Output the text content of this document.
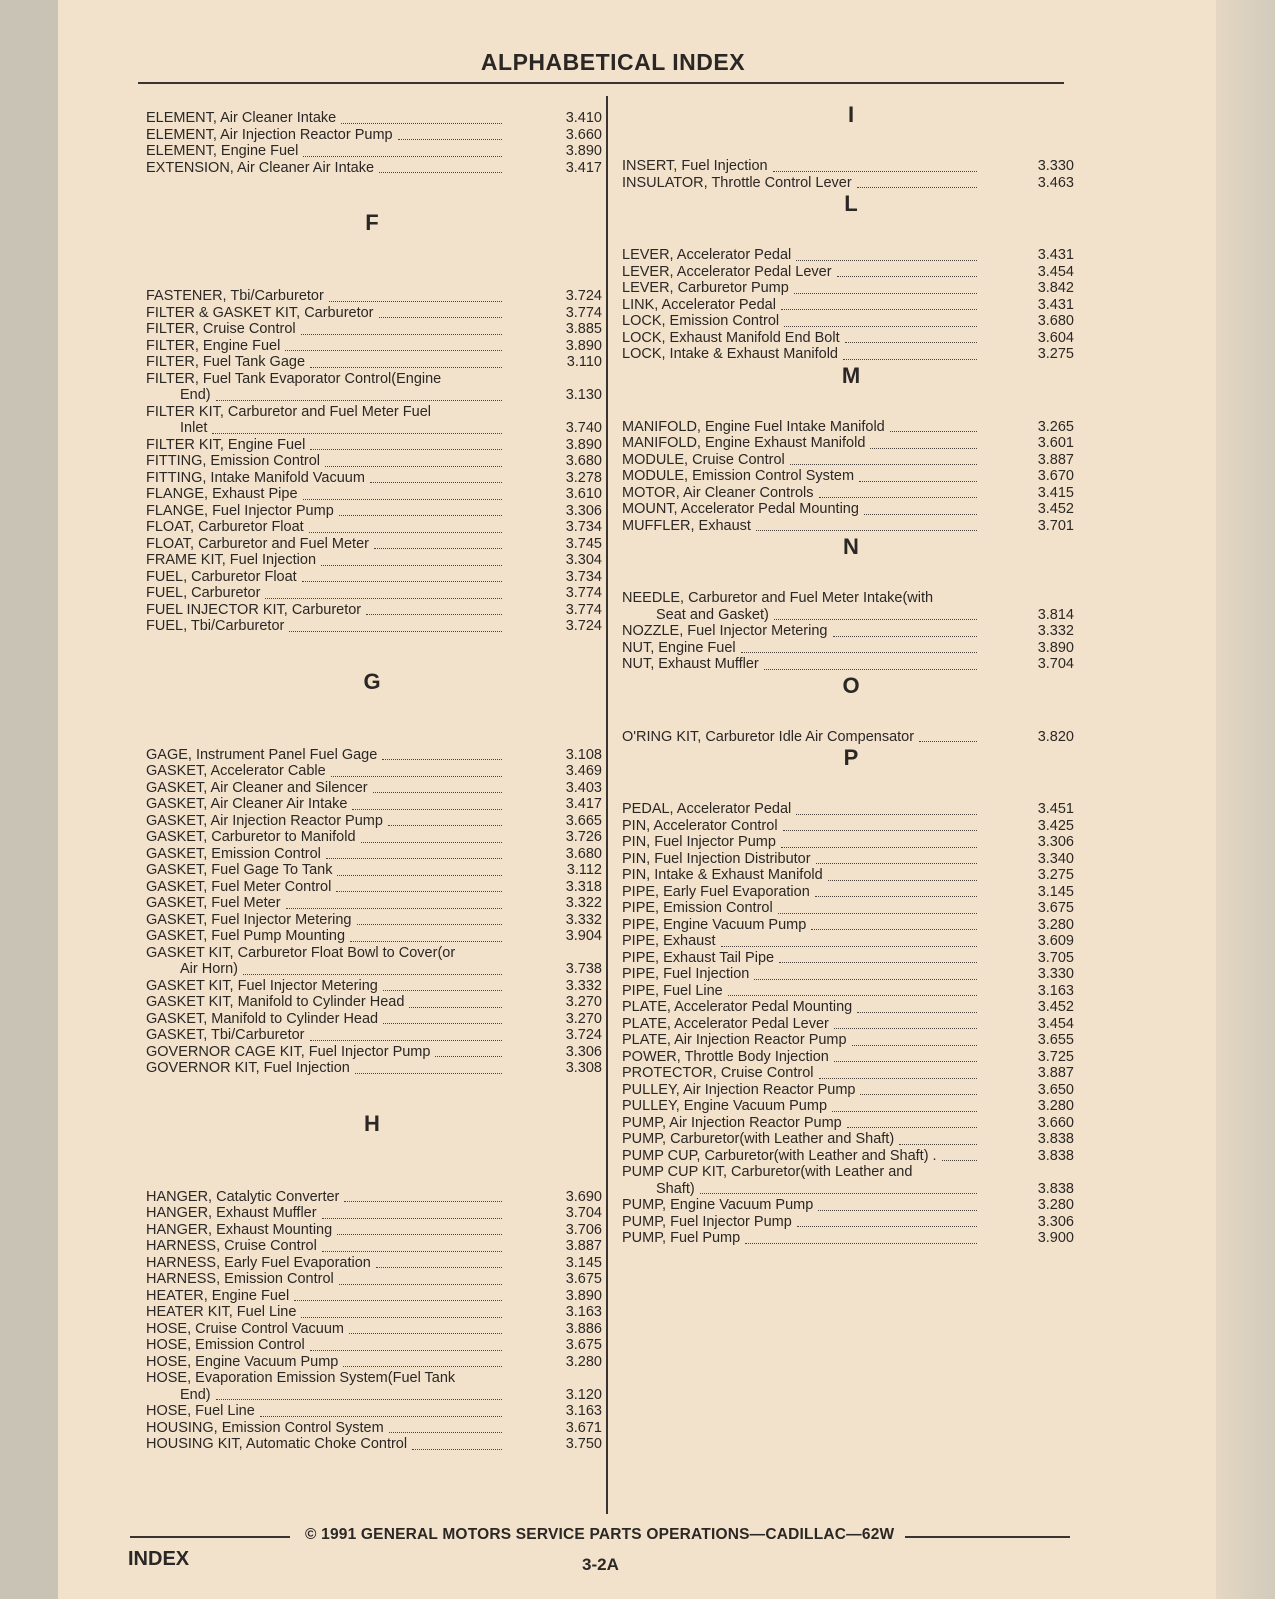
ALPHABETICAL INDEX
ELEMENT, Air Cleaner Intake	3.410
ELEMENT, Air Injection Reactor Pump	3.660
ELEMENT, Engine Fuel	3.890
EXTENSION, Air Cleaner Air Intake	3.417
F
FASTENER, Tbi/Carburetor	3.724
FILTER & GASKET KIT, Carburetor	3.774
FILTER, Cruise Control	3.885
FILTER, Engine Fuel	3.890
FILTER, Fuel Tank Gage	3.110
FILTER, Fuel Tank Evaporator Control(Engine
End)	3.130
FILTER KIT, Carburetor and Fuel Meter Fuel
Inlet	3.740
FILTER KIT, Engine Fuel	3.890
FITTING, Emission Control	3.680
FITTING, Intake Manifold Vacuum	3.278
FLANGE, Exhaust Pipe	3.610
FLANGE, Fuel Injector Pump	3.306
FLOAT, Carburetor Float	3.734
FLOAT, Carburetor and Fuel Meter	3.745
FRAME KIT, Fuel Injection	3.304
FUEL, Carburetor Float	3.734
FUEL, Carburetor	3.774
FUEL INJECTOR KIT, Carburetor	3.774
FUEL, Tbi/Carburetor	3.724
G
GAGE, Instrument Panel Fuel Gage	3.108
GASKET, Accelerator Cable	3.469
GASKET, Air Cleaner and Silencer	3.403
GASKET, Air Cleaner Air Intake	3.417
GASKET, Air Injection Reactor Pump	3.665
GASKET, Carburetor to Manifold	3.726
GASKET, Emission Control	3.680
GASKET, Fuel Gage To Tank	3.112
GASKET, Fuel Meter Control	3.318
GASKET, Fuel Meter	3.322
GASKET, Fuel Injector Metering	3.332
GASKET, Fuel Pump Mounting	3.904
GASKET KIT, Carburetor Float Bowl to Cover(or
Air Horn)	3.738
GASKET KIT, Fuel Injector Metering	3.332
GASKET KIT, Manifold to Cylinder Head	3.270
GASKET, Manifold to Cylinder Head	3.270
GASKET, Tbi/Carburetor	3.724
GOVERNOR CAGE KIT, Fuel Injector Pump	3.306
GOVERNOR KIT, Fuel Injection	3.308
H
HANGER, Catalytic Converter	3.690
HANGER, Exhaust Muffler	3.704
HANGER, Exhaust Mounting	3.706
HARNESS, Cruise Control	3.887
HARNESS, Early Fuel Evaporation	3.145
HARNESS, Emission Control	3.675
HEATER, Engine Fuel	3.890
HEATER KIT, Fuel Line	3.163
HOSE, Cruise Control Vacuum	3.886
HOSE, Emission Control	3.675
HOSE, Engine Vacuum Pump	3.280
HOSE, Evaporation Emission System(Fuel Tank
End)	3.120
HOSE, Fuel Line	3.163
HOUSING, Emission Control System	3.671
HOUSING KIT, Automatic Choke Control	3.750
I
INSERT, Fuel Injection	3.330
INSULATOR, Throttle Control Lever	3.463
L
LEVER, Accelerator Pedal	3.431
LEVER, Accelerator Pedal Lever	3.454
LEVER, Carburetor Pump	3.842
LINK, Accelerator Pedal	3.431
LOCK, Emission Control	3.680
LOCK, Exhaust Manifold End Bolt	3.604
LOCK, Intake & Exhaust Manifold	3.275
M
MANIFOLD, Engine Fuel Intake Manifold	3.265
MANIFOLD, Engine Exhaust Manifold	3.601
MODULE, Cruise Control	3.887
MODULE, Emission Control System	3.670
MOTOR, Air Cleaner Controls	3.415
MOUNT, Accelerator Pedal Mounting	3.452
MUFFLER, Exhaust	3.701
N
NEEDLE, Carburetor and Fuel Meter Intake(with
Seat and Gasket)	3.814
NOZZLE, Fuel Injector Metering	3.332
NUT, Engine Fuel	3.890
NUT, Exhaust Muffler	3.704
O
O'RING KIT, Carburetor Idle Air Compensator	3.820
P
PEDAL, Accelerator Pedal	3.451
PIN, Accelerator Control	3.425
PIN, Fuel Injector Pump	3.306
PIN, Fuel Injection Distributor	3.340
PIN, Intake & Exhaust Manifold	3.275
PIPE, Early Fuel Evaporation	3.145
PIPE, Emission Control	3.675
PIPE, Engine Vacuum Pump	3.280
PIPE, Exhaust	3.609
PIPE, Exhaust Tail Pipe	3.705
PIPE, Fuel Injection	3.330
PIPE, Fuel Line	3.163
PLATE, Accelerator Pedal Mounting	3.452
PLATE, Accelerator Pedal Lever	3.454
PLATE, Air Injection Reactor Pump	3.655
POWER, Throttle Body Injection	3.725
PROTECTOR, Cruise Control	3.887
PULLEY, Air Injection Reactor Pump	3.650
PULLEY, Engine Vacuum Pump	3.280
PUMP, Air Injection Reactor Pump	3.660
PUMP, Carburetor(with Leather and Shaft)	3.838
PUMP CUP, Carburetor(with Leather and Shaft) .	3.838
PUMP CUP KIT, Carburetor(with Leather and
Shaft)	3.838
PUMP, Engine Vacuum Pump	3.280
PUMP, Fuel Injector Pump	3.306
PUMP, Fuel Pump	3.900
© 1991 GENERAL MOTORS SERVICE PARTS OPERATIONS—CADILLAC—62W
INDEX	3-2A
